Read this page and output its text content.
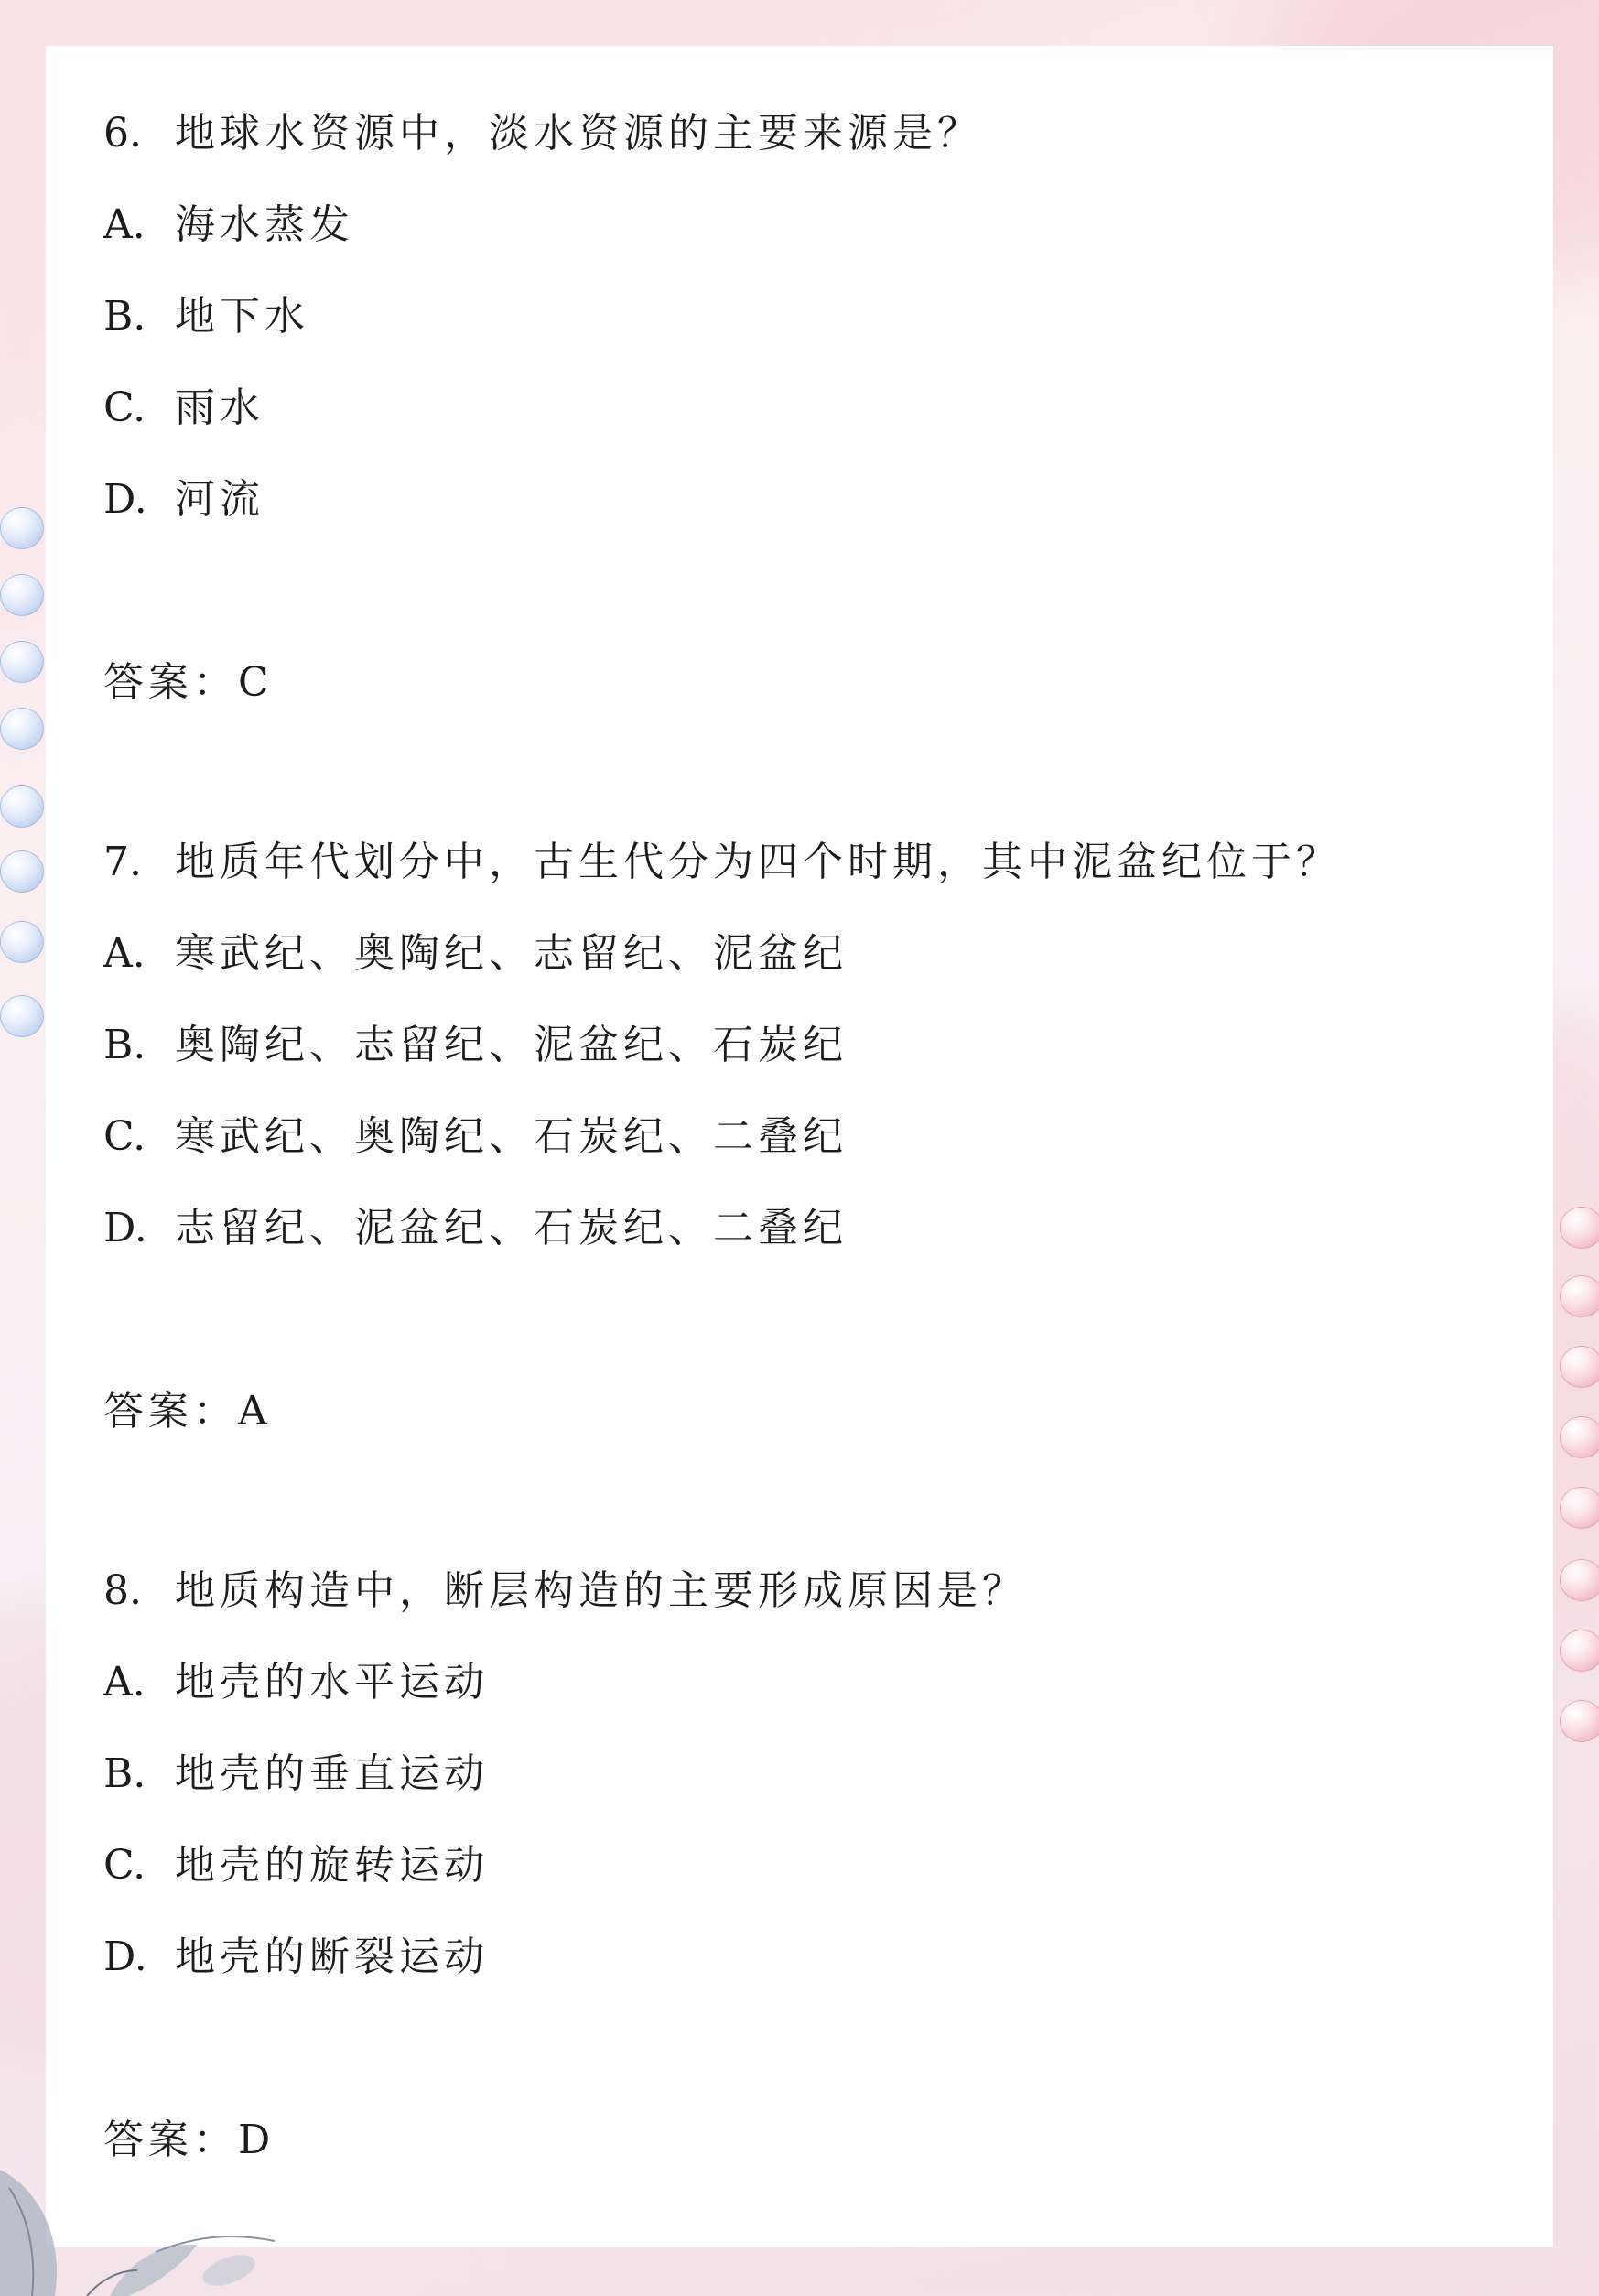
6. 地球水资源中，淡水资源的主要来源是？
A. 海水蒸发
B. 地下水
C. 雨水
D. 河流
答案：C
7. 地质年代划分中，古生代分为四个时期，其中泥盆纪位于？
A. 寒武纪、奥陶纪、志留纪、泥盆纪
B. 奥陶纪、志留纪、泥盆纪、石炭纪
C. 寒武纪、奥陶纪、石炭纪、二叠纪
D. 志留纪、泥盆纪、石炭纪、二叠纪
答案：A
8. 地质构造中，断层构造的主要形成原因是？
A. 地壳的水平运动
B. 地壳的垂直运动
C. 地壳的旋转运动
D. 地壳的断裂运动
答案：D
